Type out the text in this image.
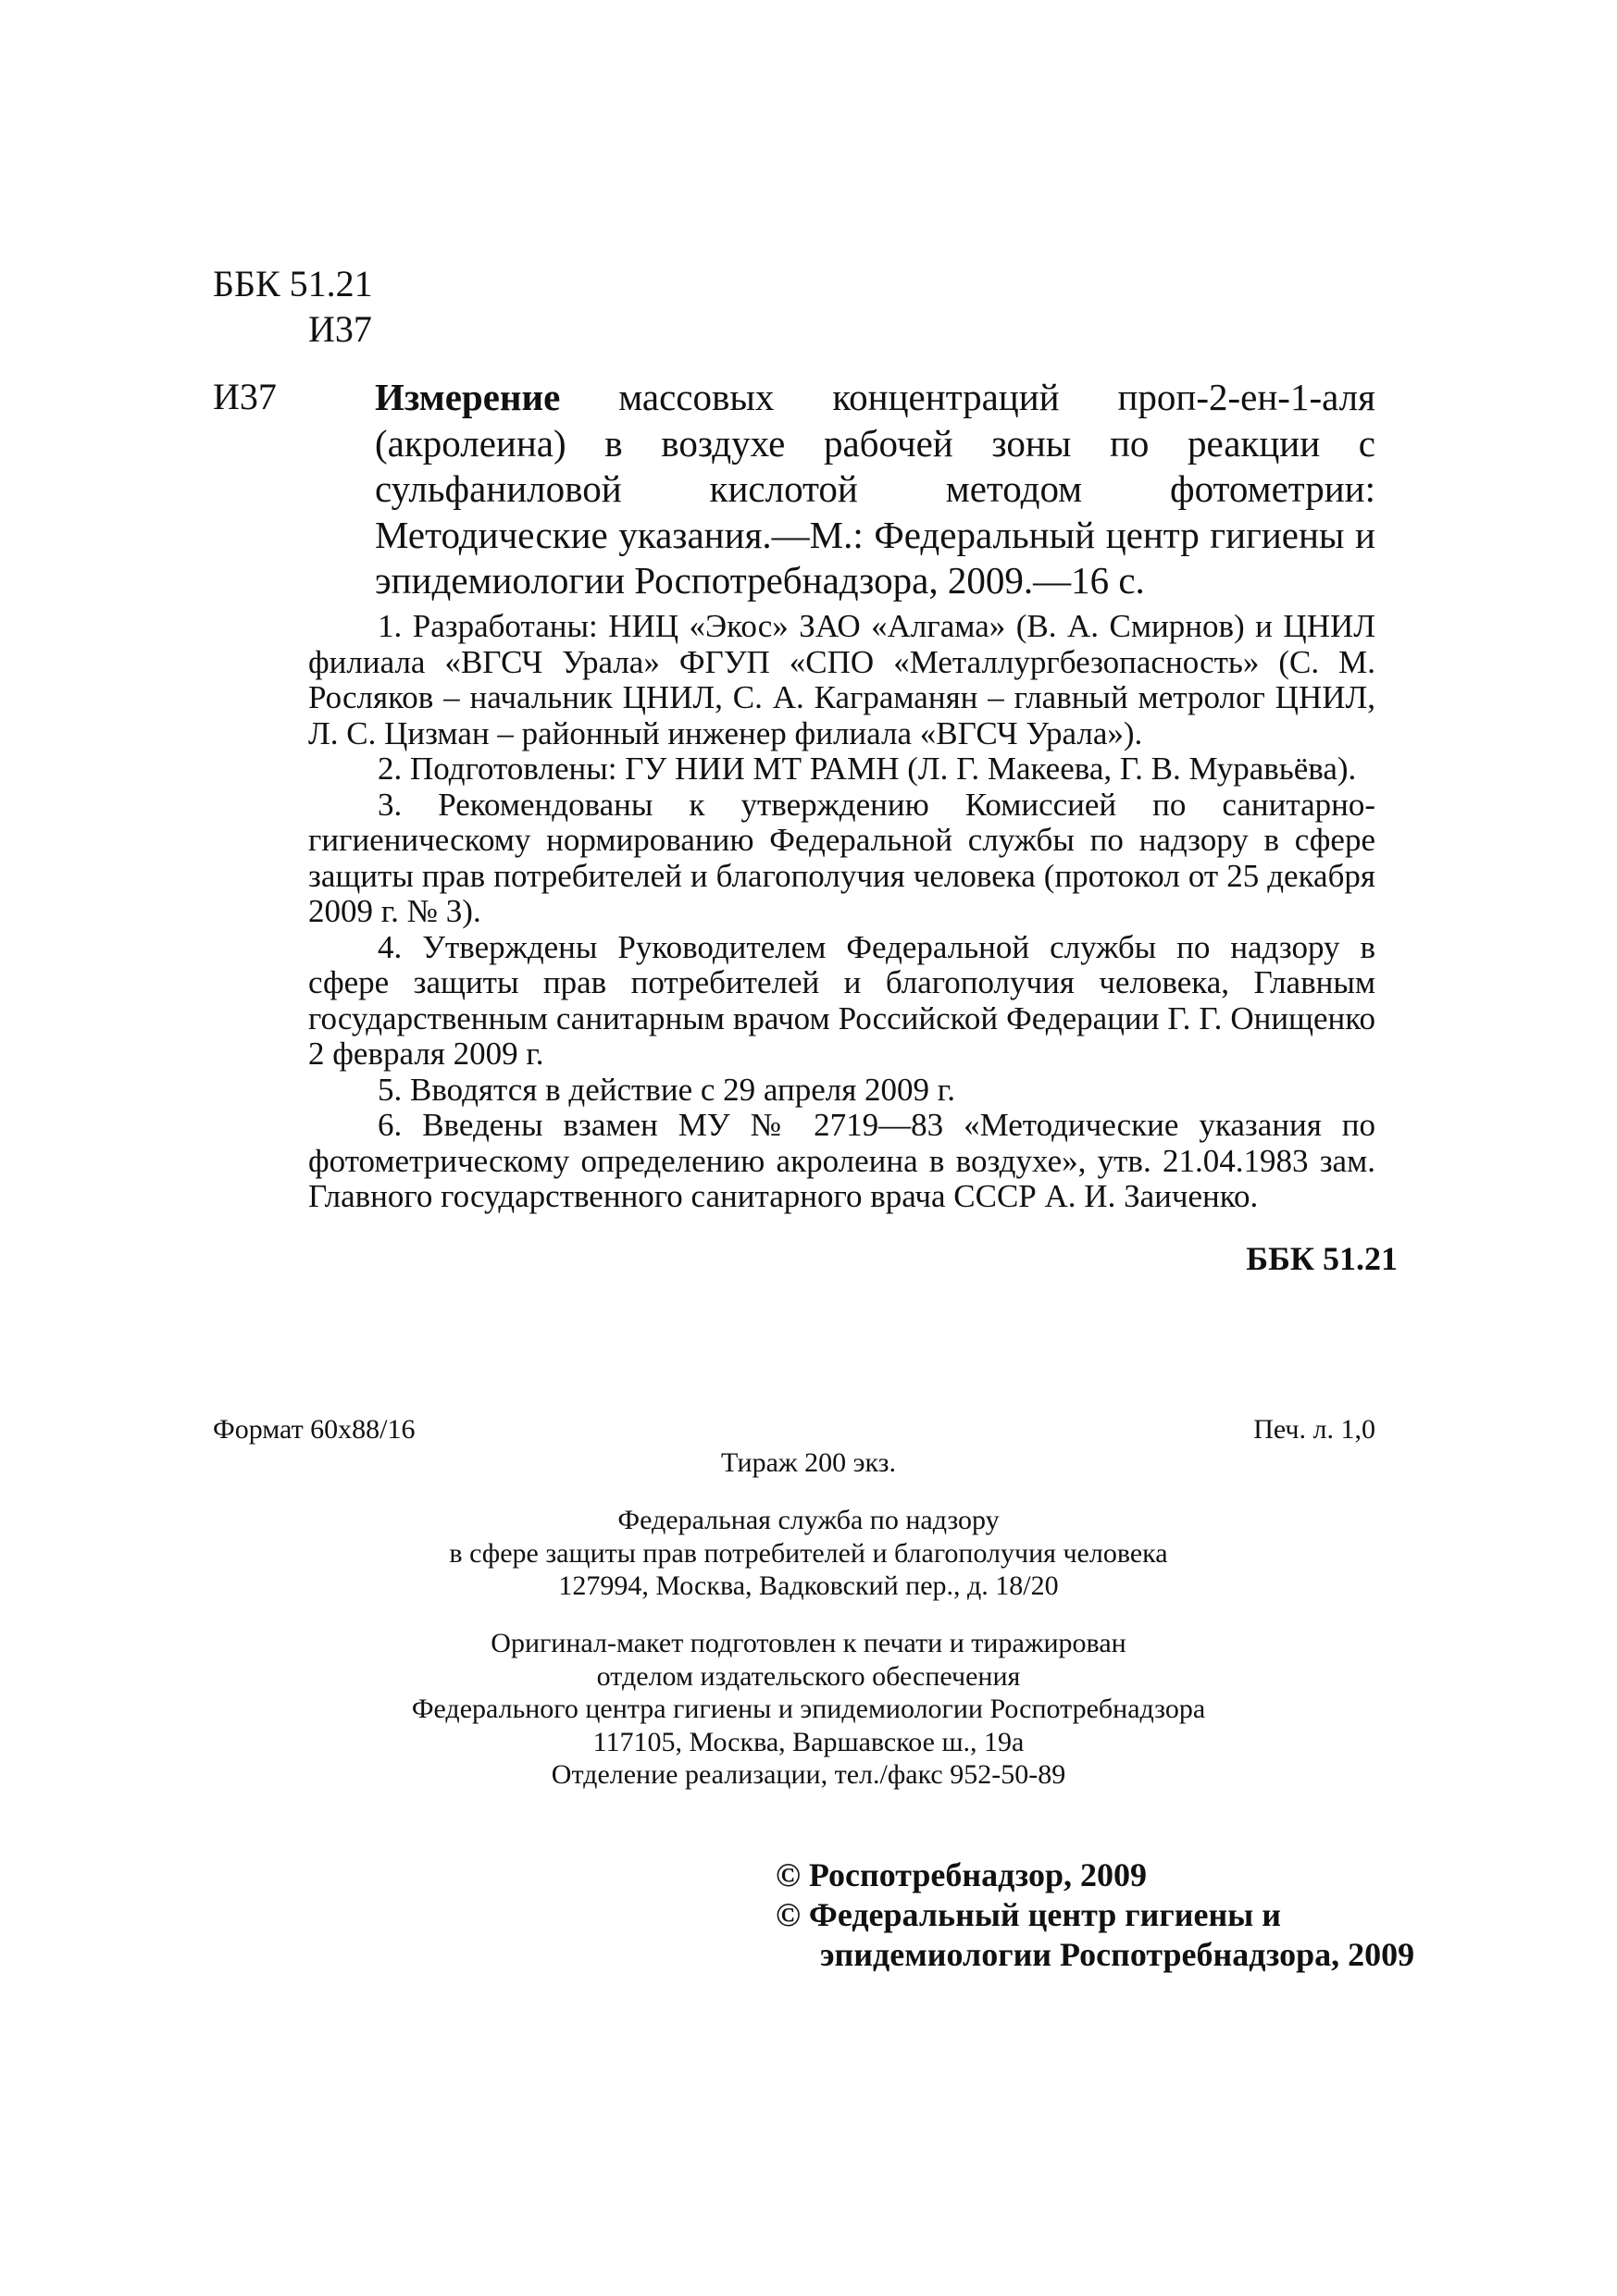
ББК 51.21
И37
И37	Измерение массовых концентраций проп-2-ен-1-аля (акролеина) в воздухе рабочей зоны по реакции с сульфаниловой кислотой методом фотометрии: Методические указания.—М.: Федеральный центр гигиены и эпидемиологии Роспотребнадзора, 2009.—16 с.

1. Разработаны: НИЦ «Экос» ЗАО «Алгама» (В. А. Смирнов) и ЦНИЛ филиала «ВГСЧ Урала» ФГУП «СПО «Металлургбезопасность» (С. М. Росляков – начальник ЦНИЛ, С. А. Каграманян – главный метролог ЦНИЛ, Л. С. Цизман – районный инженер филиала «ВГСЧ Урала»).

2. Подготовлены: ГУ НИИ МТ РАМН (Л. Г. Макеева, Г. В. Муравьёва).

3. Рекомендованы к утверждению Комиссией по санитарно-гигиеническому нормированию Федеральной службы по надзору в сфере защиты прав потребителей и благополучия человека (протокол от 25 декабря 2009 г. № 3).

4. Утверждены Руководителем Федеральной службы по надзору в сфере защиты прав потребителей и благополучия человека, Главным государственным санитарным врачом Российской Федерации Г. Г. Онищенко 2 февраля 2009 г.

5. Вводятся в действие с 29 апреля 2009 г.

6. Введены взамен МУ № 2719—83 «Методические указания по фотометрическому определению акролеина в воздухе», утв. 21.04.1983 зам. Главного государственного санитарного врача СССР А. И. Заиченко.

ББК 51.21
Формат 60x88/16	Печ. л. 1,0
Тираж 200 экз.
Федеральная служба по надзору
в сфере защиты прав потребителей и благополучия человека
127994, Москва, Вадковский пер., д. 18/20
Оригинал-макет подготовлен к печати и тиражирован
отделом издательского обеспечения
Федерального центра гигиены и эпидемиологии Роспотребнадзора
117105, Москва, Варшавское ш., 19а
Отделение реализации, тел./факс 952-50-89
© Роспотребнадзор, 2009
© Федеральный центр гигиены и
эпидемиологии Роспотребнадзора, 2009
